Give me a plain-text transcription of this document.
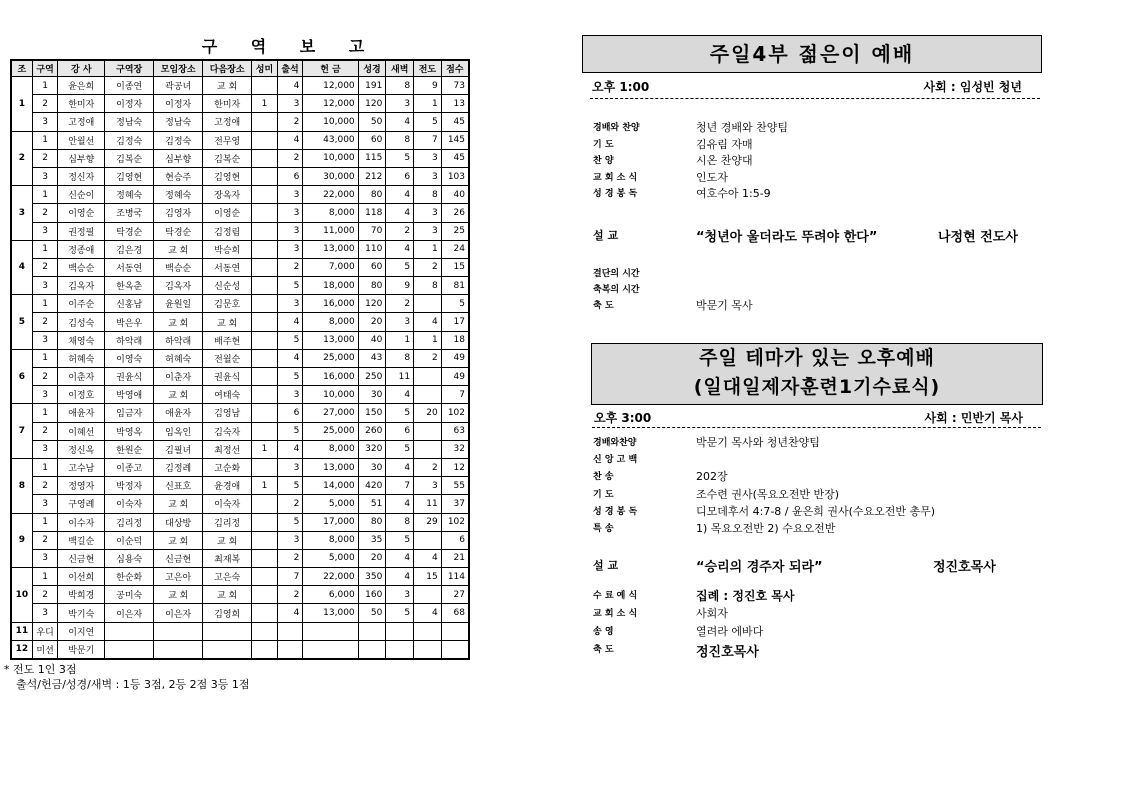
구 역 보 고
조	구역	강 사	구역장	모임장소	다음장소	성미	출석	헌 금	성경	새벽	전도	점수
1	1	윤은희	이종연	곽공녀	교 회		4	12,000	191	8	9	73
	2	한미자	이정자	이정자	한미자	1	3	12,000	120	3	1	13
	3	고정애	정남숙	정남숙	고정애		2	10,000	50	4	5	45
2	1	안월선	김정숙	김정숙	전무영		4	43,000	60	8	7	145
	2	심부향	김복순	심부향	김복순		2	10,000	115	5	3	45
	3	정신자	김영현	현승주	김영현		6	30,000	212	6	3	103
3	1	신순이	정혜숙	정혜숙	장옥자		3	22,000	80	4	8	40
	2	이영순	조병국	김영자	이영순		3	8,000	118	4	3	26
	3	권정필	탁경순	탁경순	김정림		3	11,000	70	2	3	25
4	1	정종애	김은경	교 회	박승희		3	13,000	110	4	1	24
	2	백승순	서동연	백승순	서동연		2	7,000	60	5	2	15
	3	김옥자	한옥춘	김옥자	신순성		5	18,000	80	9	8	81
5	1	이주순	신홍남	윤원일	김문호		3	16,000	120	2		5
	2	김성숙	박은우	교 회	교 회		4	8,000	20	3	4	17
	3	채영숙	하악래	하악래	배주현		5	13,000	40	1	1	18
6	1	허혜숙	이영숙	허혜숙	전월순		4	25,000	43	8	2	49
	2	이춘자	권윤식	이춘자	권윤식		5	16,000	250	11		49
	3	이정호	박영애	교 회	여태숙		3	10,000	30	4		7
7	1	애윤자	임금자	애윤자	김영남		6	27,000	150	5	20	102
	2	이혜선	박영옥	임옥인	김숙자		5	25,000	260	6		63
	3	정신옥	한원순	김필녀	최정선	1	4	8,000	320	5		32
8	1	고수남	이종고	김정례	고순화		3	13,000	30	4	2	12
	2	정영자	박정자	신표호	윤경애	1	5	14,000	420	7	3	55
	3	구영례	이숙자	교 회	이숙자		2	5,000	51	4	11	37
9	1	이수자	김리정	대상방	김리정		5	17,000	80	8	29	102
	2	백길순	이순덕	교 회	교 회		3	8,000	35	5		6
	3	신금현	심용숙	신금현	최재복		2	5,000	20	4	4	21
10	1	이선희	한순화	고은아	고은숙		7	22,000	350	4	15	114
	2	박희경	공미숙	교 회	교 회		2	6,000	160	3		27
	3	박기숙	이은자	이은자	김영희		4	13,000	50	5	4	68
11	우디	이지연										
12	미션	박문기										
* 전도 1인 3점
출석/헌금/성경/새벽 : 1등 3점, 2등 2점 3등 1점
주일4부 젊은이 예배
오후 1:00	사회 : 임성빈 청년
경배와 찬양	청년 경배와 찬양팀
기 도	김유림 자매
찬 양	시온 찬양대
교 회 소 식	인도자
성 경 봉 독	여호수아 1:5-9
결단의 시간
축복의 시간
축 도	박문기 목사
설 교	“청년아 울더라도 뚜려야 한다”	나정현 전도사
주일 테마가 있는 오후예배
(일대일제자훈련1기수료식)
오후 3:00	사회 : 민반기 목사
경배와찬양	박문기 목사와 청년찬양팀
신 앙 고 백
찬 송	202장
기 도	조수련 권사(목요오전반 반장)
성 경 봉 독	디모데후서 4:7-8 / 윤은희 권사(수요오전반 총무)
특 송	1) 목요오전반 2) 수요오전반
수 료 예 식	집례 : 정진호 목사
교 회 소 식	사회자
송 영	열려라 에바다
축 도	정진호목사
설 교	“승리의 경주자 되라”	정진호목사
